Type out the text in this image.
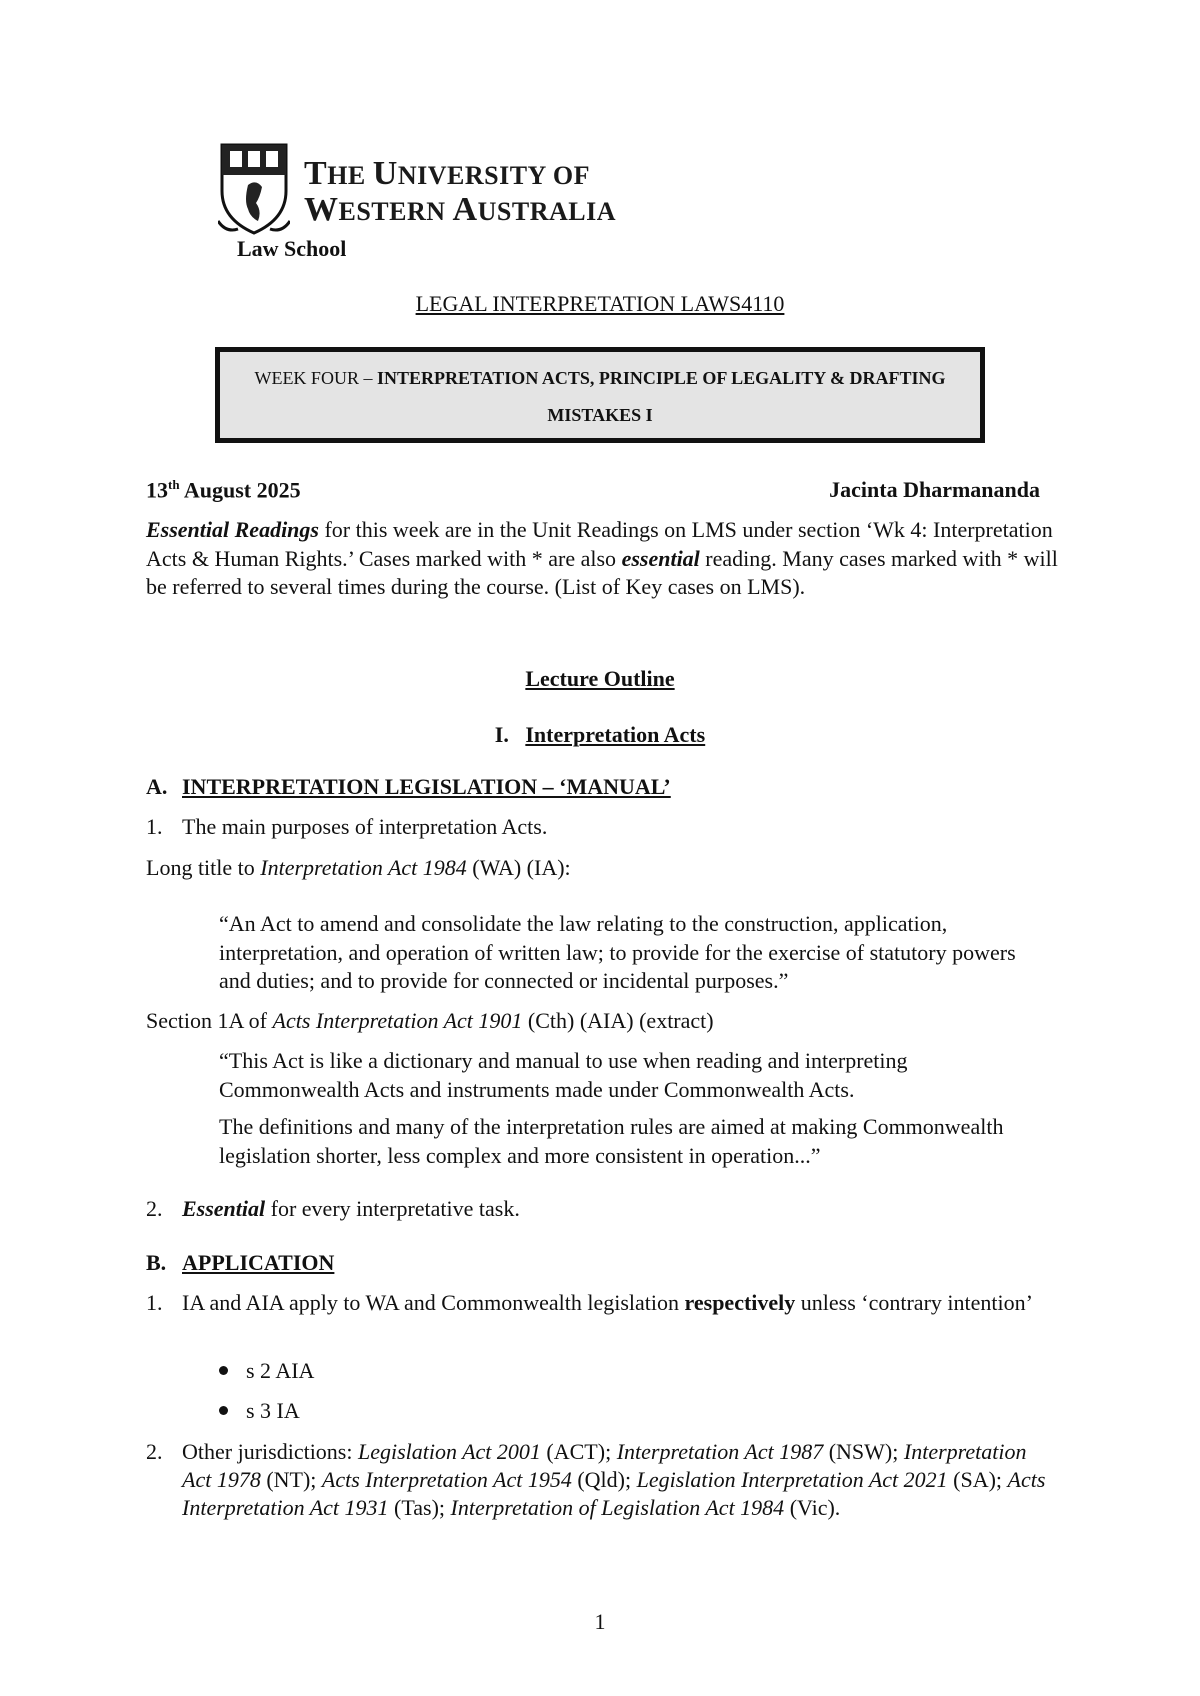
THE UNIVERSITY OF
WESTERN AUSTRALIA
Law School
LEGAL INTERPRETATION LAWS4110
WEEK FOUR – INTERPRETATION ACTS, PRINCIPLE OF LEGALITY & DRAFTING
MISTAKES I
13th August 2025	Jacinta Dharmananda
Essential Readings for this week are in the Unit Readings on LMS under section ‘Wk 4: Interpretation Acts & Human Rights.’ Cases marked with * are also essential reading. Many cases marked with * will be referred to several times during the course. (List of Key cases on LMS).
Lecture Outline
I. Interpretation Acts
A. INTERPRETATION LEGISLATION – ‘MANUAL’
1. The main purposes of interpretation Acts.
Long title to Interpretation Act 1984 (WA) (IA):
“An Act to amend and consolidate the law relating to the construction, application, interpretation, and operation of written law; to provide for the exercise of statutory powers and duties; and to provide for connected or incidental purposes.”
Section 1A of Acts Interpretation Act 1901 (Cth) (AIA) (extract)
“This Act is like a dictionary and manual to use when reading and interpreting Commonwealth Acts and instruments made under Commonwealth Acts.
The definitions and many of the interpretation rules are aimed at making Commonwealth legislation shorter, less complex and more consistent in operation...”
2. Essential for every interpretative task.
B. APPLICATION
1. IA and AIA apply to WA and Commonwealth legislation respectively unless ‘contrary intention’
s 2 AIA
s 3 IA
2. Other jurisdictions: Legislation Act 2001 (ACT); Interpretation Act 1987 (NSW); Interpretation Act 1978 (NT); Acts Interpretation Act 1954 (Qld); Legislation Interpretation Act 2021 (SA); Acts Interpretation Act 1931 (Tas); Interpretation of Legislation Act 1984 (Vic).
1
